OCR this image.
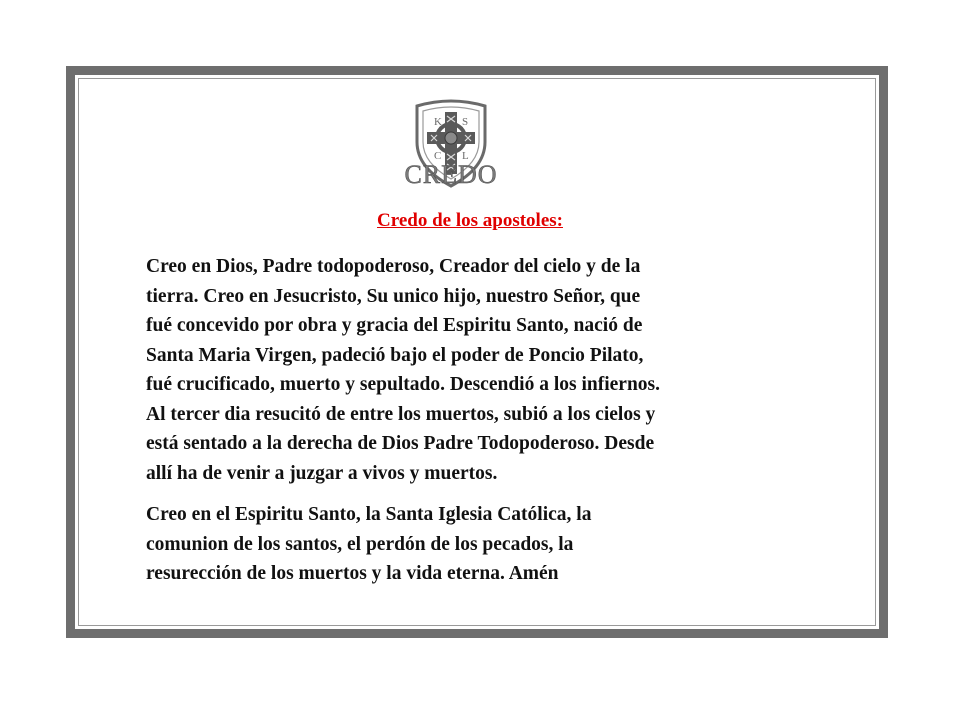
K S
C L
CREDO
Credo de los apostoles:

Creo en Dios, Padre todopoderoso, Creador del cielo y de la
tierra. Creo en Jesucristo, Su unico hijo, nuestro Señor, que
fué concevido por obra y gracia del Espiritu Santo, nació de
Santa Maria Virgen, padeció bajo el poder de Poncio Pilato,
fué crucificado, muerto y sepultado. Descendió a los infiernos.
Al tercer dia resucitó de entre los muertos, subió a los cielos y
está sentado a la derecha de Dios Padre Todopoderoso. Desde
allí ha de venir a juzgar a vivos y muertos.

Creo en el Espiritu Santo, la Santa Iglesia Católica, la
comunion de los santos, el perdón de los pecados, la
resurección de los muertos y la vida eterna. Amén
